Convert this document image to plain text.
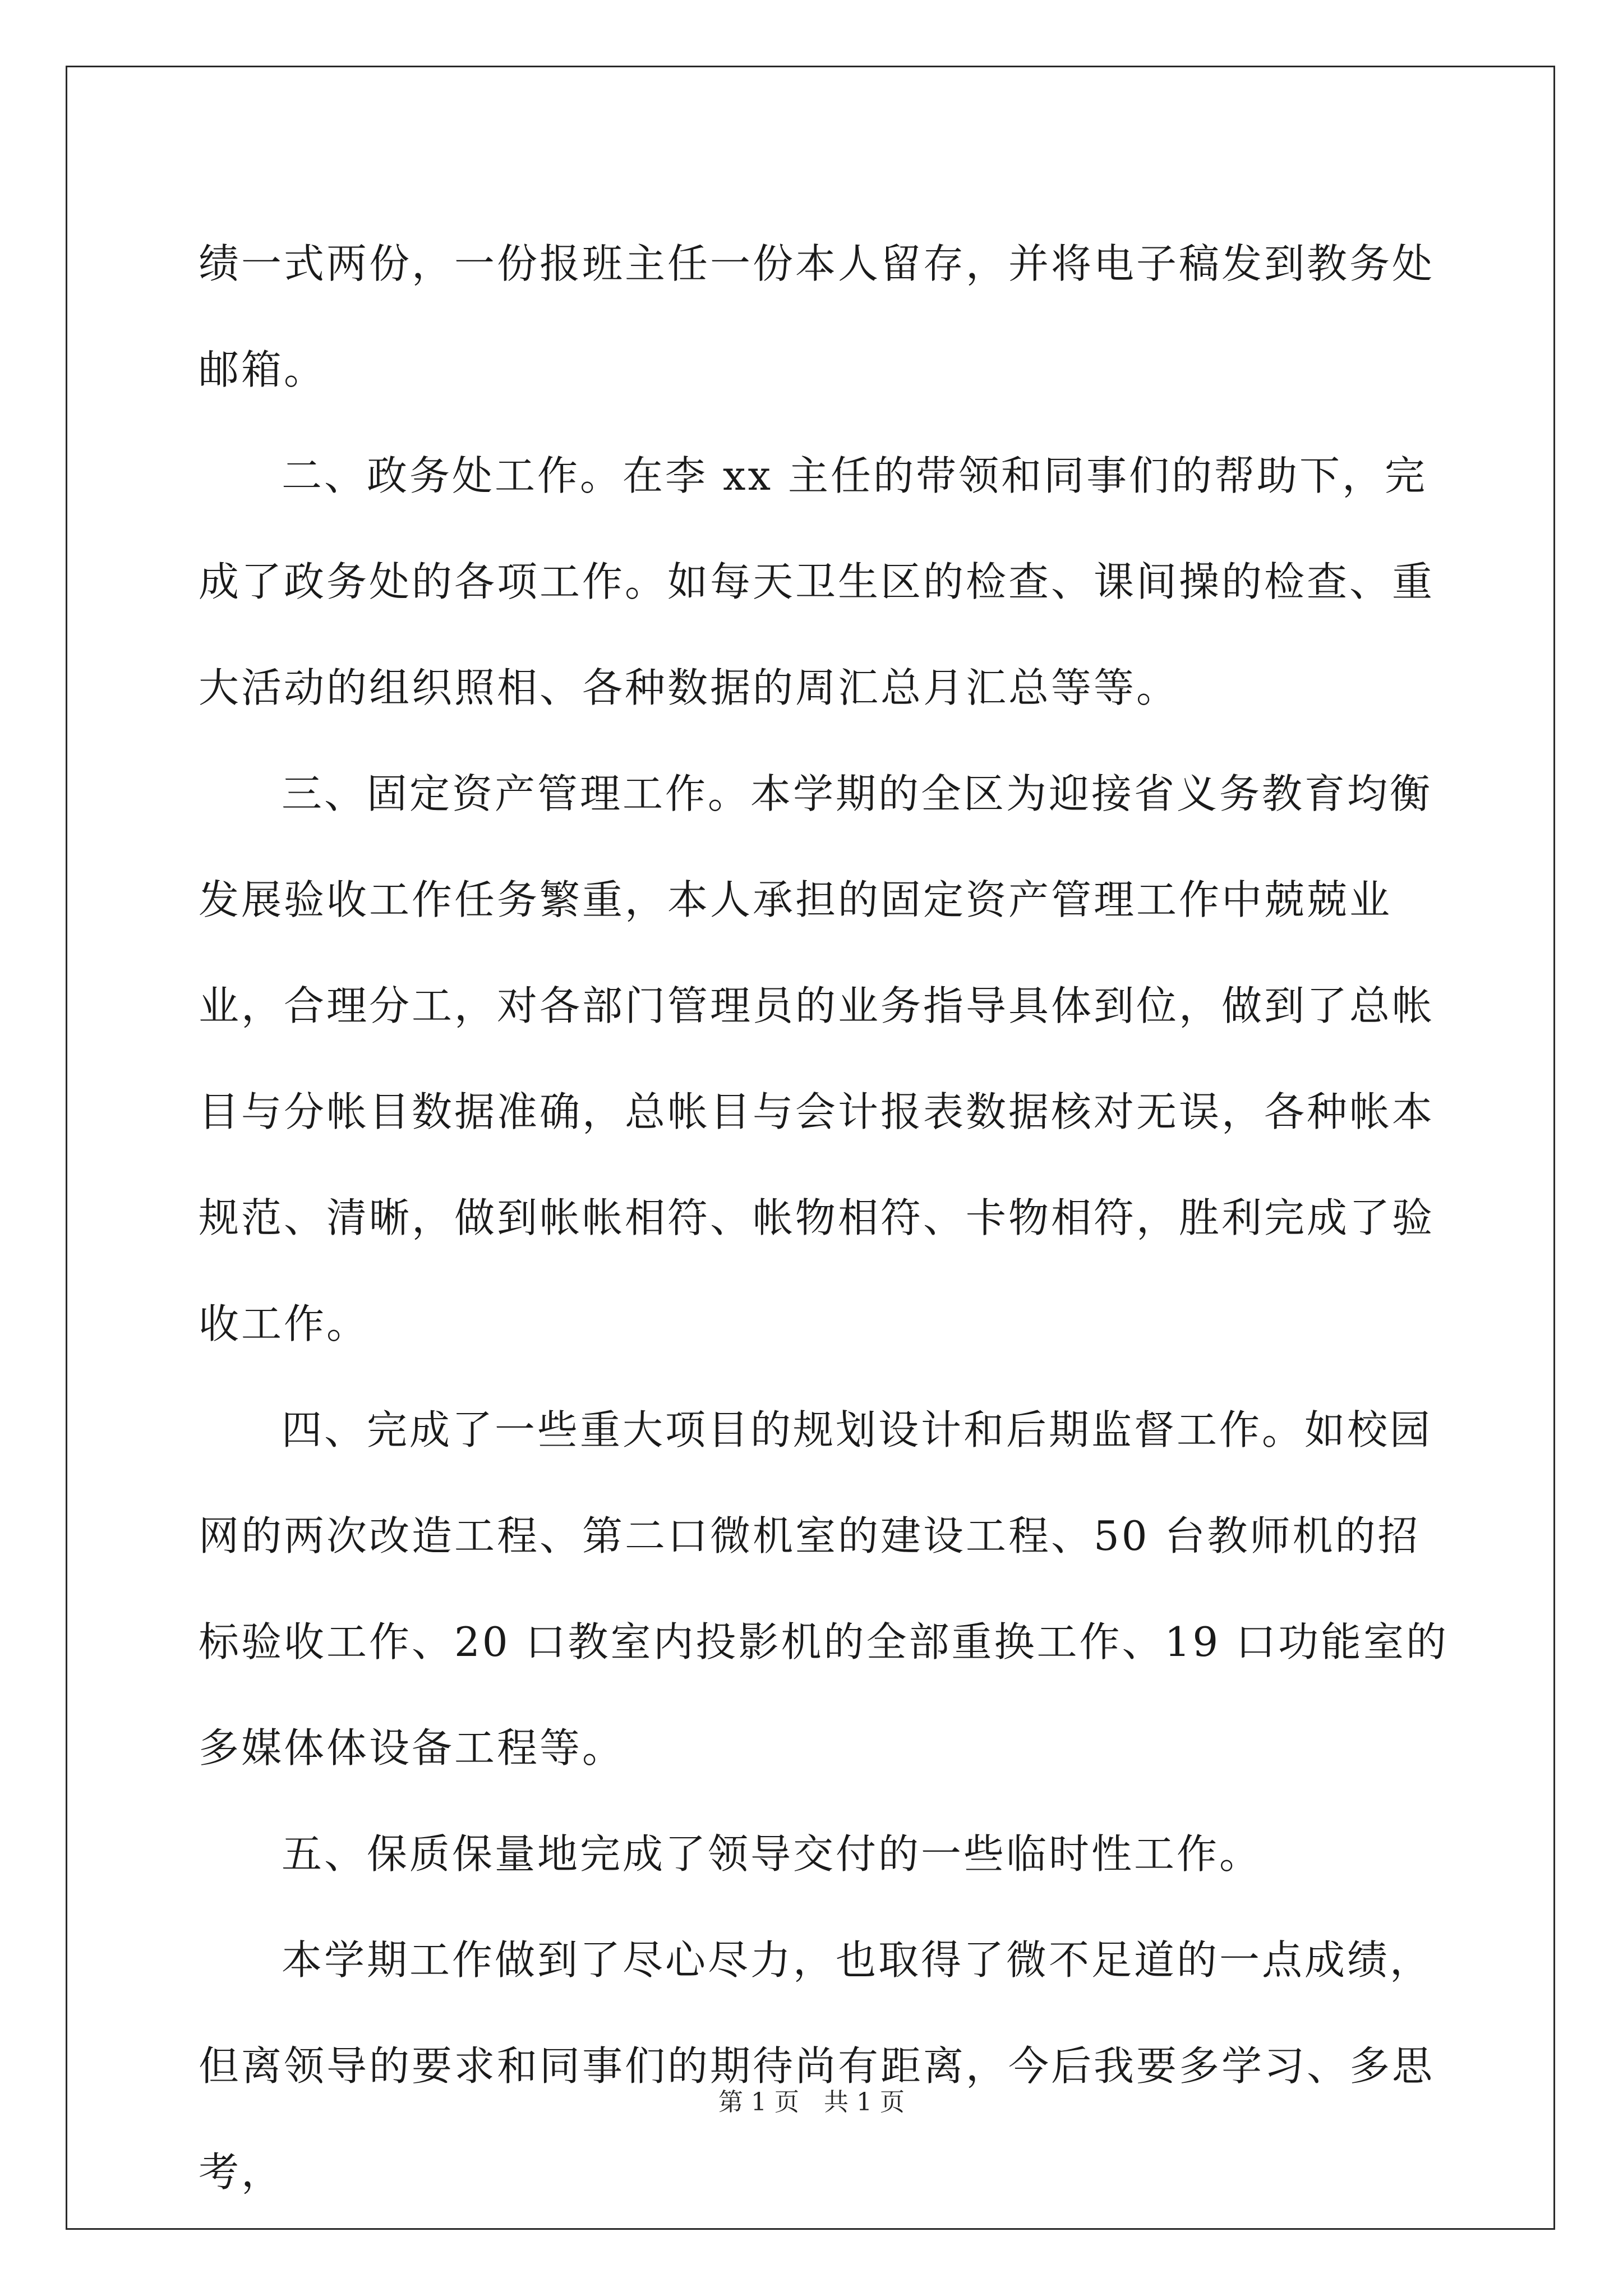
绩一式两份，一份报班主任一份本人留存，并将电子稿发到教务处邮箱。

二、政务处工作。在李 xx 主任的带领和同事们的帮助下，完成了政务处的各项工作。如每天卫生区的检查、课间操的检查、重大活动的组织照相、各种数据的周汇总月汇总等等。

三、固定资产管理工作。本学期的全区为迎接省义务教育均衡发展验收工作任务繁重，本人承担的固定资产管理工作中兢兢业业，合理分工，对各部门管理员的业务指导具体到位，做到了总帐目与分帐目数据准确，总帐目与会计报表数据核对无误，各种帐本规范、清晰，做到帐帐相符、帐物相符、卡物相符，胜利完成了验收工作。

四、完成了一些重大项目的规划设计和后期监督工作。如校园网的两次改造工程、第二口微机室的建设工程、50 台教师机的招标验收工作、20 口教室内投影机的全部重换工作、19 口功能室的多媒体体设备工程等。

五、保质保量地完成了领导交付的一些临时性工作。

本学期工作做到了尽心尽力，也取得了微不足道的一点成绩，但离领导的要求和同事们的期待尚有距离，今后我要多学习、多思考，

第 1 页　共 1 页
